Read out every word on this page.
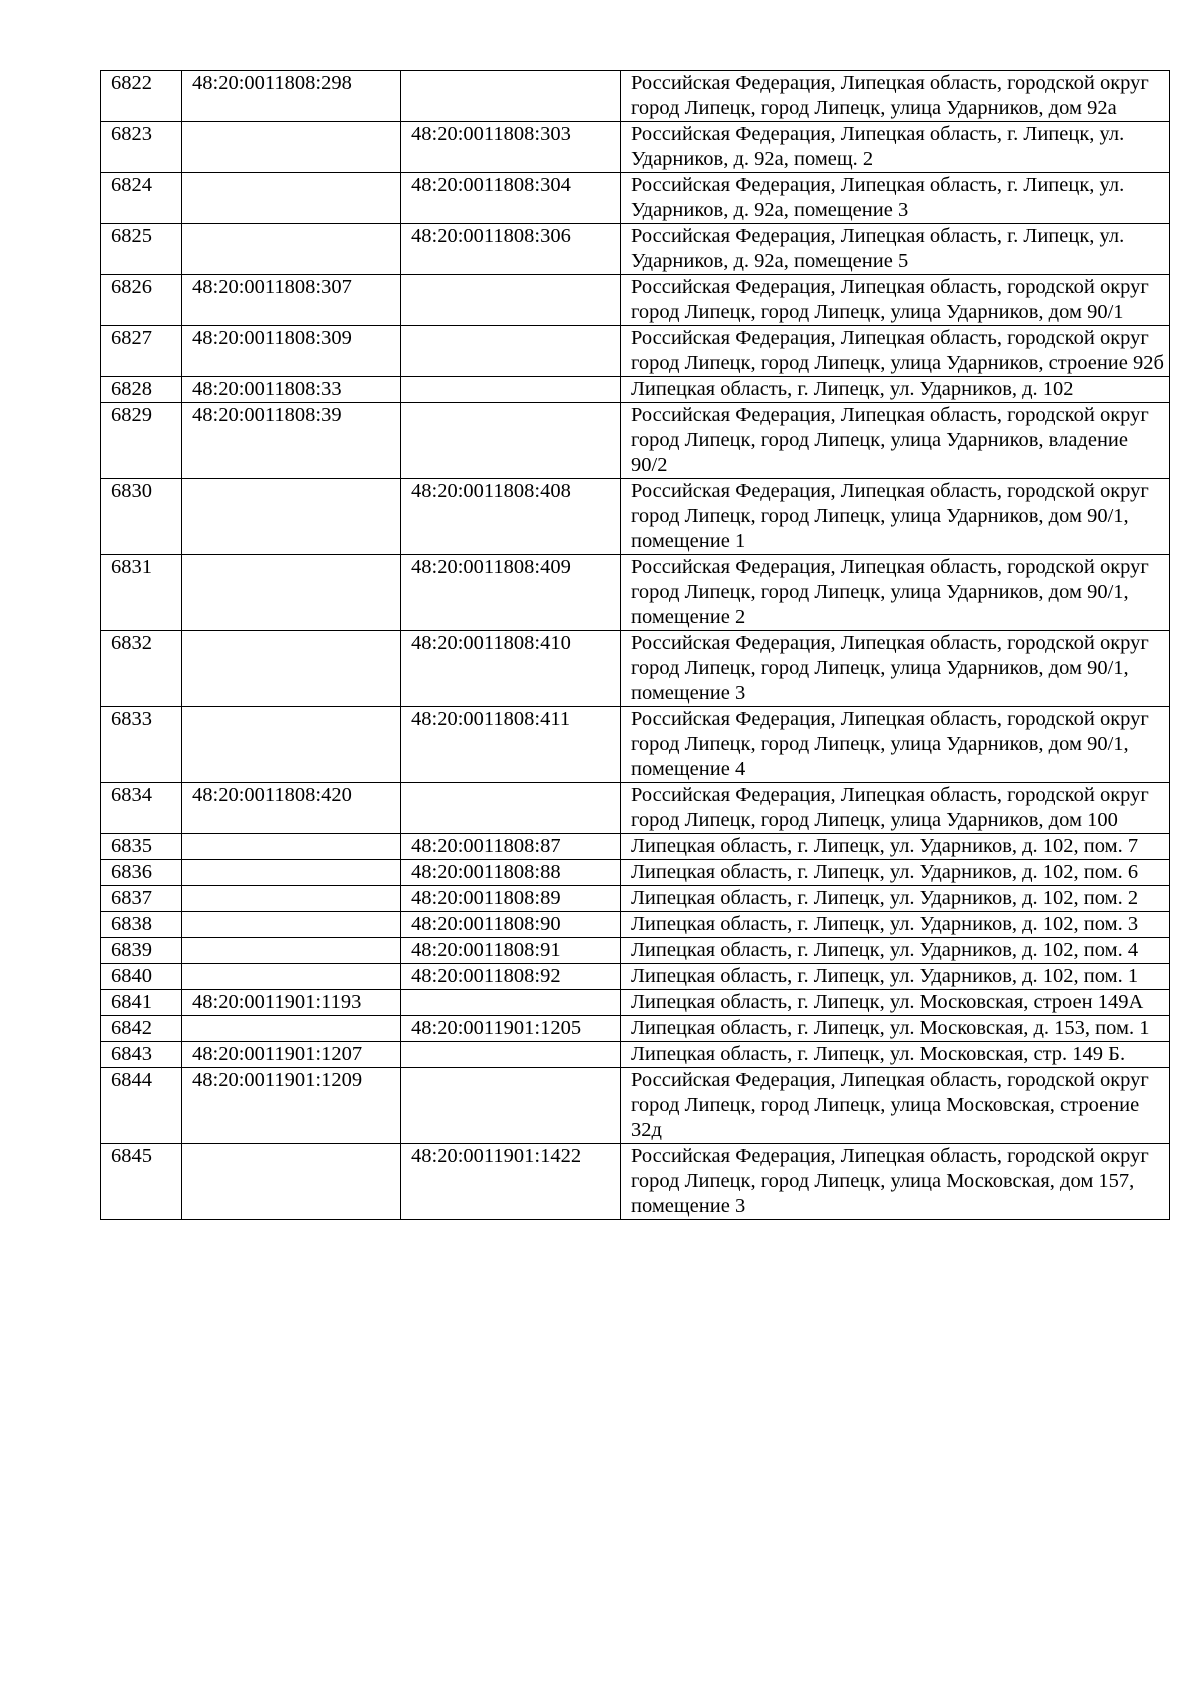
6822	48:20:0011808:298		Российская Федерация, Липецкая область, городской округ город Липецк, город Липецк, улица Ударников, дом 92а
6823		48:20:0011808:303	Российская Федерация, Липецкая область, г. Липецк, ул. Ударников, д. 92а, помещ. 2
6824		48:20:0011808:304	Российская Федерация, Липецкая область, г. Липецк, ул. Ударников, д. 92а, помещение 3
6825		48:20:0011808:306	Российская Федерация, Липецкая область, г. Липецк, ул. Ударников, д. 92а, помещение 5
6826	48:20:0011808:307		Российская Федерация, Липецкая область, городской округ город Липецк, город Липецк, улица Ударников, дом 90/1
6827	48:20:0011808:309		Российская Федерация, Липецкая область, городской округ город Липецк, город Липецк, улица Ударников, строение 92б
6828	48:20:0011808:33		Липецкая область, г. Липецк, ул. Ударников, д. 102
6829	48:20:0011808:39		Российская Федерация, Липецкая область, городской округ город Липецк, город Липецк, улица Ударников, владение 90/2
6830		48:20:0011808:408	Российская Федерация, Липецкая область, городской округ город Липецк, город Липецк, улица Ударников, дом 90/1, помещение 1
6831		48:20:0011808:409	Российская Федерация, Липецкая область, городской округ город Липецк, город Липецк, улица Ударников, дом 90/1, помещение 2
6832		48:20:0011808:410	Российская Федерация, Липецкая область, городской округ город Липецк, город Липецк, улица Ударников, дом 90/1, помещение 3
6833		48:20:0011808:411	Российская Федерация, Липецкая область, городской округ город Липецк, город Липецк, улица Ударников, дом 90/1, помещение 4
6834	48:20:0011808:420		Российская Федерация, Липецкая область, городской округ город Липецк, город Липецк, улица Ударников, дом 100
6835		48:20:0011808:87	Липецкая область, г. Липецк, ул. Ударников, д. 102, пом. 7
6836		48:20:0011808:88	Липецкая область, г. Липецк, ул. Ударников, д. 102, пом. 6
6837		48:20:0011808:89	Липецкая область, г. Липецк, ул. Ударников, д. 102, пом. 2
6838		48:20:0011808:90	Липецкая область, г. Липецк, ул. Ударников, д. 102, пом. 3
6839		48:20:0011808:91	Липецкая область, г. Липецк, ул. Ударников, д. 102, пом. 4
6840		48:20:0011808:92	Липецкая область, г. Липецк, ул. Ударников, д. 102, пом. 1
6841	48:20:0011901:1193		Липецкая область, г. Липецк, ул. Московская, строен 149А
6842		48:20:0011901:1205	Липецкая область, г. Липецк, ул. Московская, д. 153, пом. 1
6843	48:20:0011901:1207		Липецкая область, г. Липецк, ул. Московская, стр. 149 Б.
6844	48:20:0011901:1209		Российская Федерация, Липецкая область, городской округ город Липецк, город Липецк, улица Московская, строение 32д
6845		48:20:0011901:1422	Российская Федерация, Липецкая область, городской округ город Липецк, город Липецк, улица Московская, дом 157, помещение 3
